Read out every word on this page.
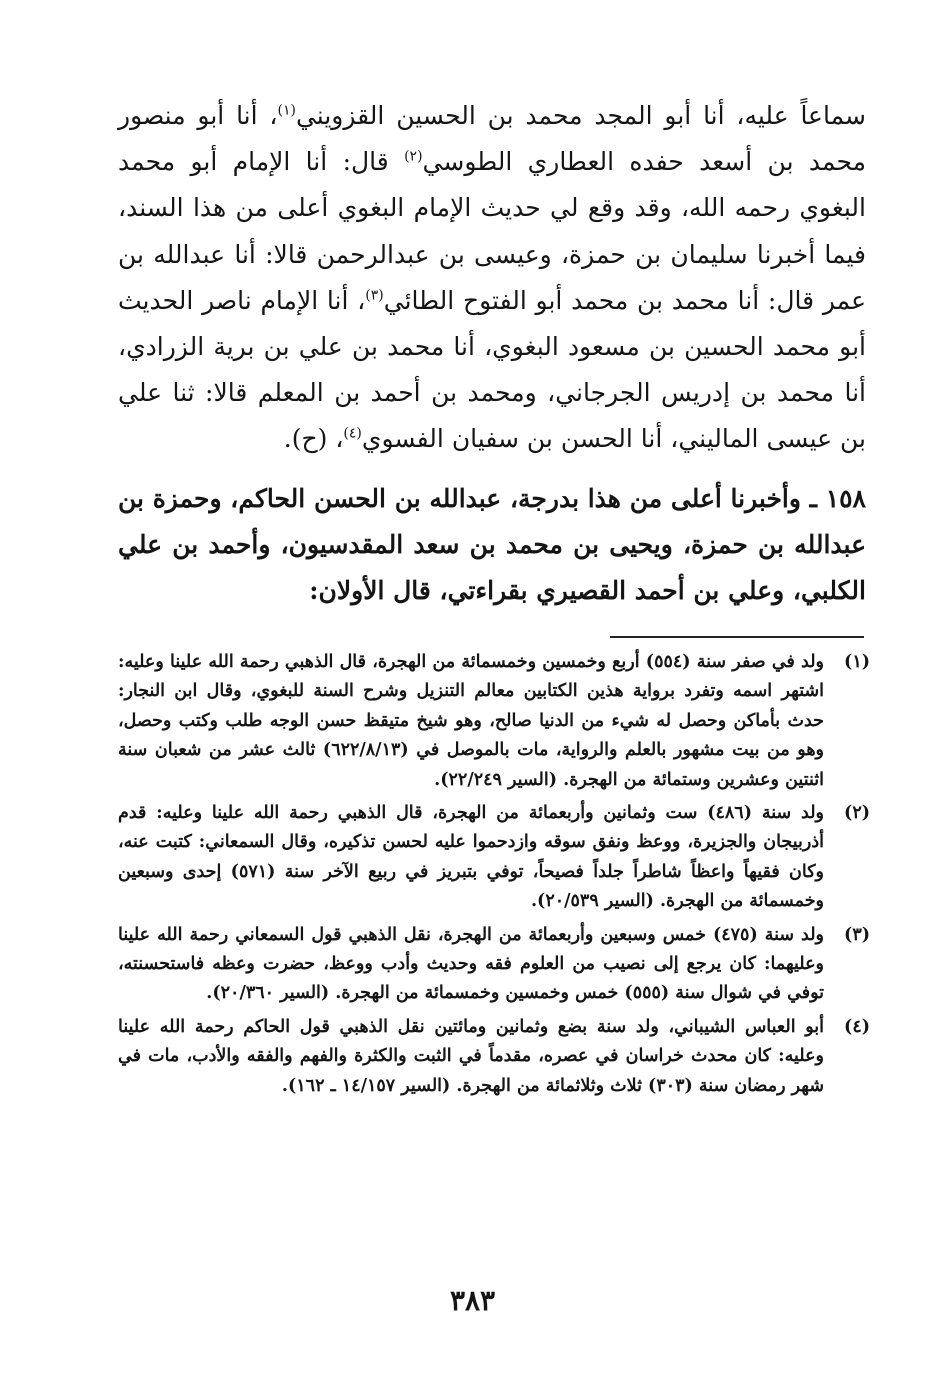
سماعاً عليه، أنا أبو المجد محمد بن الحسين القزويني$^{(١)}$، أنا أبو منصور محمد بن أسعد حفده العطاري الطوسي$^{(٢)}$ قال: أنا الإمام أبو محمد البغوي رحمه الله، وقد وقع لي حديث الإمام البغوي أعلى من هذا السند، فيما أخبرنا سليمان بن حمزة، وعيسى بن عبدالرحمن قالا: أنا عبدالله بن عمر قال: أنا محمد بن محمد أبو الفتوح الطائي$^{(٣)}$، أنا الإمام ناصر الحديث أبو محمد الحسين بن مسعود البغوي، أنا محمد بن علي بن برية الزرادي، أنا محمد بن إدريس الجرجاني، ومحمد بن أحمد بن المعلم قالا: ثنا علي بن عيسى الماليني، أنا الحسن بن سفيان الفسوي$^{(٤)}$، (ح).

١٥٨ ـ وأخبرنا أعلى من هذا بدرجة، عبدالله بن الحسن الحاكم، وحمزة بن عبدالله بن حمزة، ويحيى بن محمد بن سعد المقدسيون، وأحمد بن علي الكلبي، وعلي بن أحمد القصيري بقراءتي، قال الأولان:

(١)
ولد في صفر سنة (٥٥٤) أربع وخمسين وخمسمائة من الهجرة، قال الذهبي رحمة الله علينا وعليه: اشتهر اسمه وتفرد برواية هذين الكتابين معالم التنزيل وشرح السنة للبغوي، وقال ابن النجار: حدث بأماكن وحصل له شيء من الدنيا صالح، وهو شيخ متيقظ حسن الوجه طلب وكتب وحصل، وهو من بيت مشهور بالعلم والرواية، مات بالموصل في (٦٢٢/٨/١٣) ثالث عشر من شعبان سنة اثنتين وعشرين وستمائة من الهجرة. (السير ٢٢/٢٤٩).
(٢)
ولد سنة (٤٨٦) ست وثمانين وأربعمائة من الهجرة، قال الذهبي رحمة الله علينا وعليه: قدم أذربيجان والجزيرة، ووعظ ونفق سوقه وازدحموا عليه لحسن تذكيره، وقال السمعاني: كتبت عنه، وكان فقيهاً واعظاً شاطراً جلداً فصيحاً، توفي بتبريز في ربيع الآخر سنة (٥٧١) إحدى وسبعين وخمسمائة من الهجرة. (السير ٢٠/٥٣٩).
(٣)
ولد سنة (٤٧٥) خمس وسبعين وأربعمائة من الهجرة، نقل الذهبي قول السمعاني رحمة الله علينا وعليهما: كان يرجع إلى نصيب من العلوم فقه وحديث وأدب ووعظ، حضرت وعظه فاستحسنته، توفي في شوال سنة (٥٥٥) خمس وخمسين وخمسمائة من الهجرة. (السير ٢٠/٣٦٠).
(٤)
أبو العباس الشيباني، ولد سنة بضع وثمانين ومائتين نقل الذهبي قول الحاكم رحمة الله علينا وعليه: كان محدث خراسان في عصره، مقدماً في الثبت والكثرة والفهم والفقه والأدب، مات في شهر رمضان سنة (٣٠٣) ثلاث وثلاثمائة من الهجرة. (السير ١٤/١٥٧ ـ ١٦٢).
٣٨٣
